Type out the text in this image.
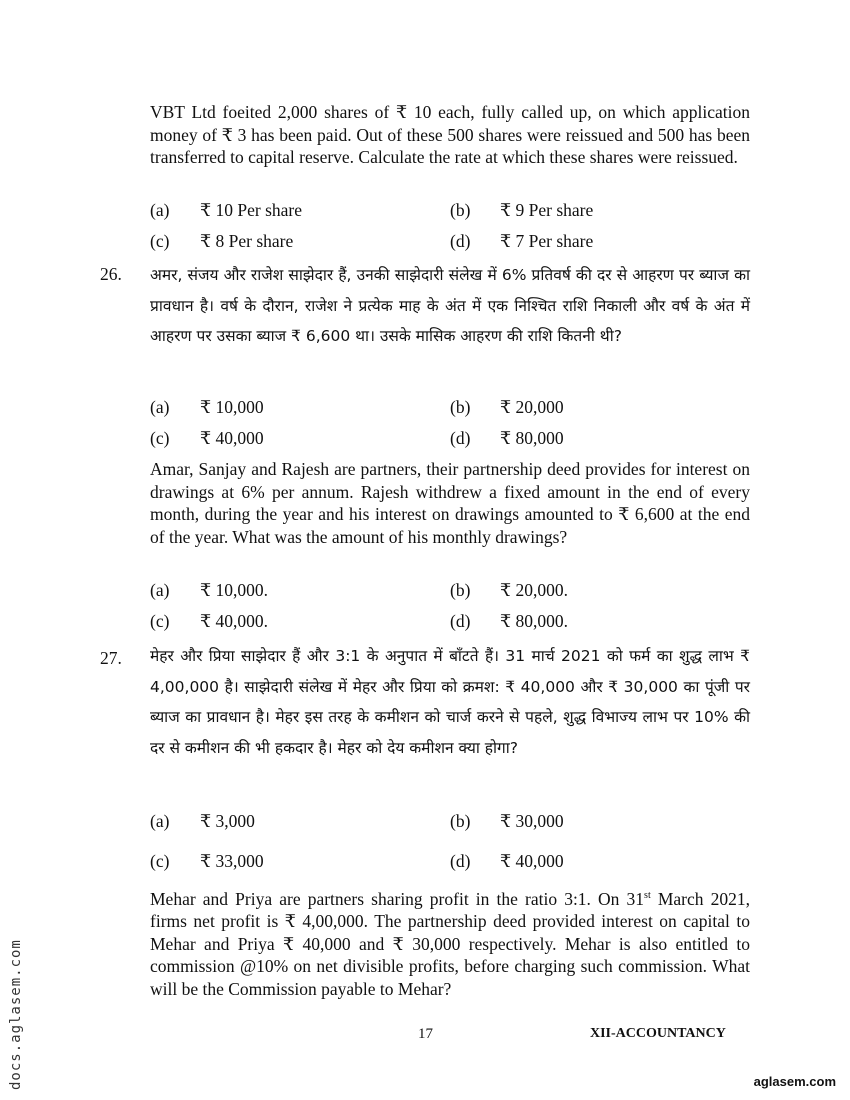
VBT Ltd foeited 2,000 shares of ₹ 10 each, fully called up, on which application money of ₹ 3 has been paid. Out of these 500 shares were reissued and 500 has been transferred to capital reserve. Calculate the rate at which these shares were reissued.
(a) ₹ 10 Per share	(b) ₹ 9 Per share
(c) ₹ 8 Per share	(d) ₹ 7 Per share
26. अमर, संजय और राजेश साझेदार हैं, उनकी साझेदारी संलेख में 6% प्रतिवर्ष की दर से आहरण पर ब्याज का प्रावधान है। वर्ष के दौरान, राजेश ने प्रत्येक माह के अंत में एक निश्चित राशि निकाली और वर्ष के अंत में आहरण पर उसका ब्याज ₹ 6,600 था। उसके मासिक आहरण की राशि कितनी थी?
(a) ₹ 10,000	(b) ₹ 20,000
(c) ₹ 40,000	(d) ₹ 80,000
Amar, Sanjay and Rajesh are partners, their partnership deed provides for interest on drawings at 6% per annum. Rajesh withdrew a fixed amount in the end of every month, during the year and his interest on drawings amounted to ₹ 6,600 at the end of the year. What was the amount of his monthly drawings?
(a) ₹ 10,000.	(b) ₹ 20,000.
(c) ₹ 40,000.	(d) ₹ 80,000.
27. मेहर और प्रिया साझेदार हैं और 3:1 के अनुपात में बाँटते हैं। 31 मार्च 2021 को फर्म का शुद्ध लाभ ₹ 4,00,000 है। साझेदारी संलेख में मेहर और प्रिया को क्रमश: ₹ 40,000 और ₹ 30,000 का पूंजी पर ब्याज का प्रावधान है। मेहर इस तरह के कमीशन को चार्ज करने से पहले, शुद्ध विभाज्य लाभ पर 10% की दर से कमीशन की भी हकदार है। मेहर को देय कमीशन क्या होगा?
(a) ₹ 3,000	(b) ₹ 30,000
(c) ₹ 33,000	(d) ₹ 40,000
Mehar and Priya are partners sharing profit in the ratio 3:1. On 31st March 2021, firms net profit is ₹ 4,00,000. The partnership deed provided interest on capital to Mehar and Priya ₹ 40,000 and ₹ 30,000 respectively. Mehar is also entitled to commission @10% on net divisible profits, before charging such commission. What will be the Commission payable to Mehar?
17	XII-ACCOUNTANCY
docs.aglasem.com	aglasem.com
